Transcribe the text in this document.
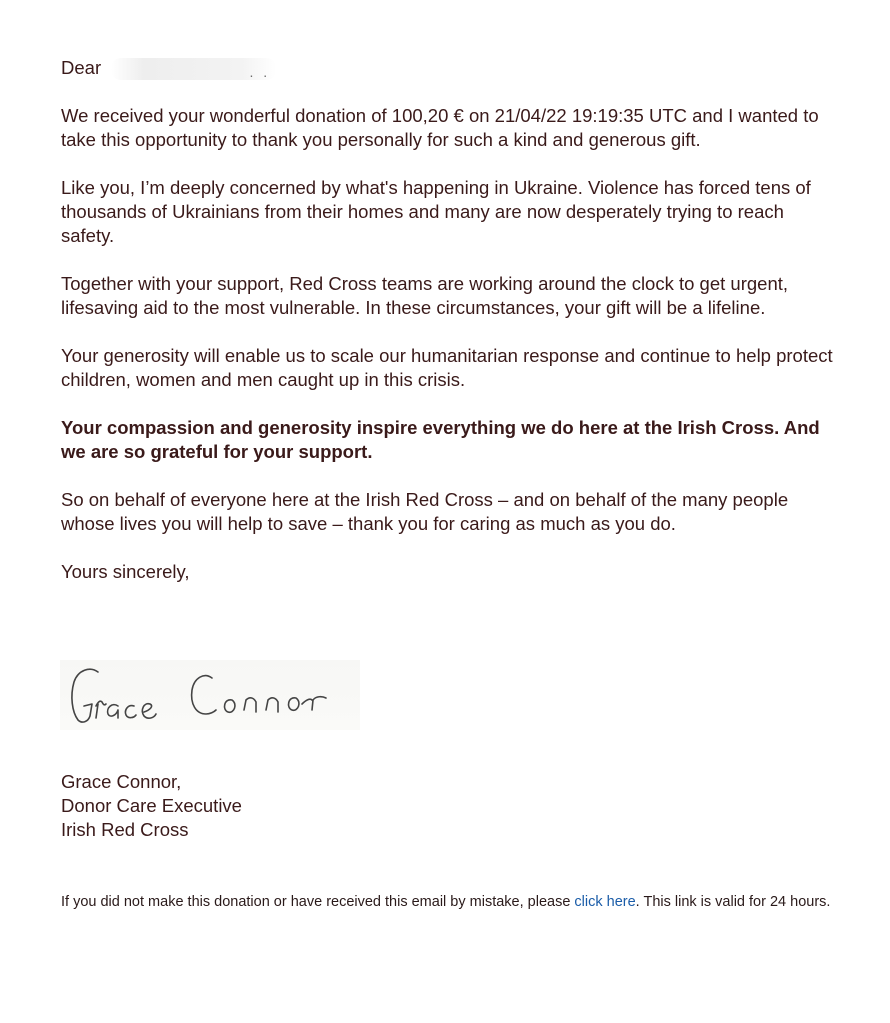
Dear	. .

We received your wonderful donation of 100,20 € on 21/04/22 19:19:35 UTC and I wanted to take this opportunity to thank you personally for such a kind and generous gift.

Like you, I’m deeply concerned by what's happening in Ukraine. Violence has forced tens of thousands of Ukrainians from their homes and many are now desperately trying to reach safety.

Together with your support, Red Cross teams are working around the clock to get urgent, lifesaving aid to the most vulnerable. In these circumstances, your gift will be a lifeline.

Your generosity will enable us to scale our humanitarian response and continue to help protect children, women and men caught up in this crisis.

Your compassion and generosity inspire everything we do here at the Irish Cross. And we are so grateful for your support.

So on behalf of everyone here at the Irish Red Cross – and on behalf of the many people whose lives you will help to save – thank you for caring as much as you do.

Yours sincerely,

Grace Connor,
Donor Care Executive
Irish Red Cross
If you did not make this donation or have received this email by mistake, please click here. This link is valid for 24 hours.
